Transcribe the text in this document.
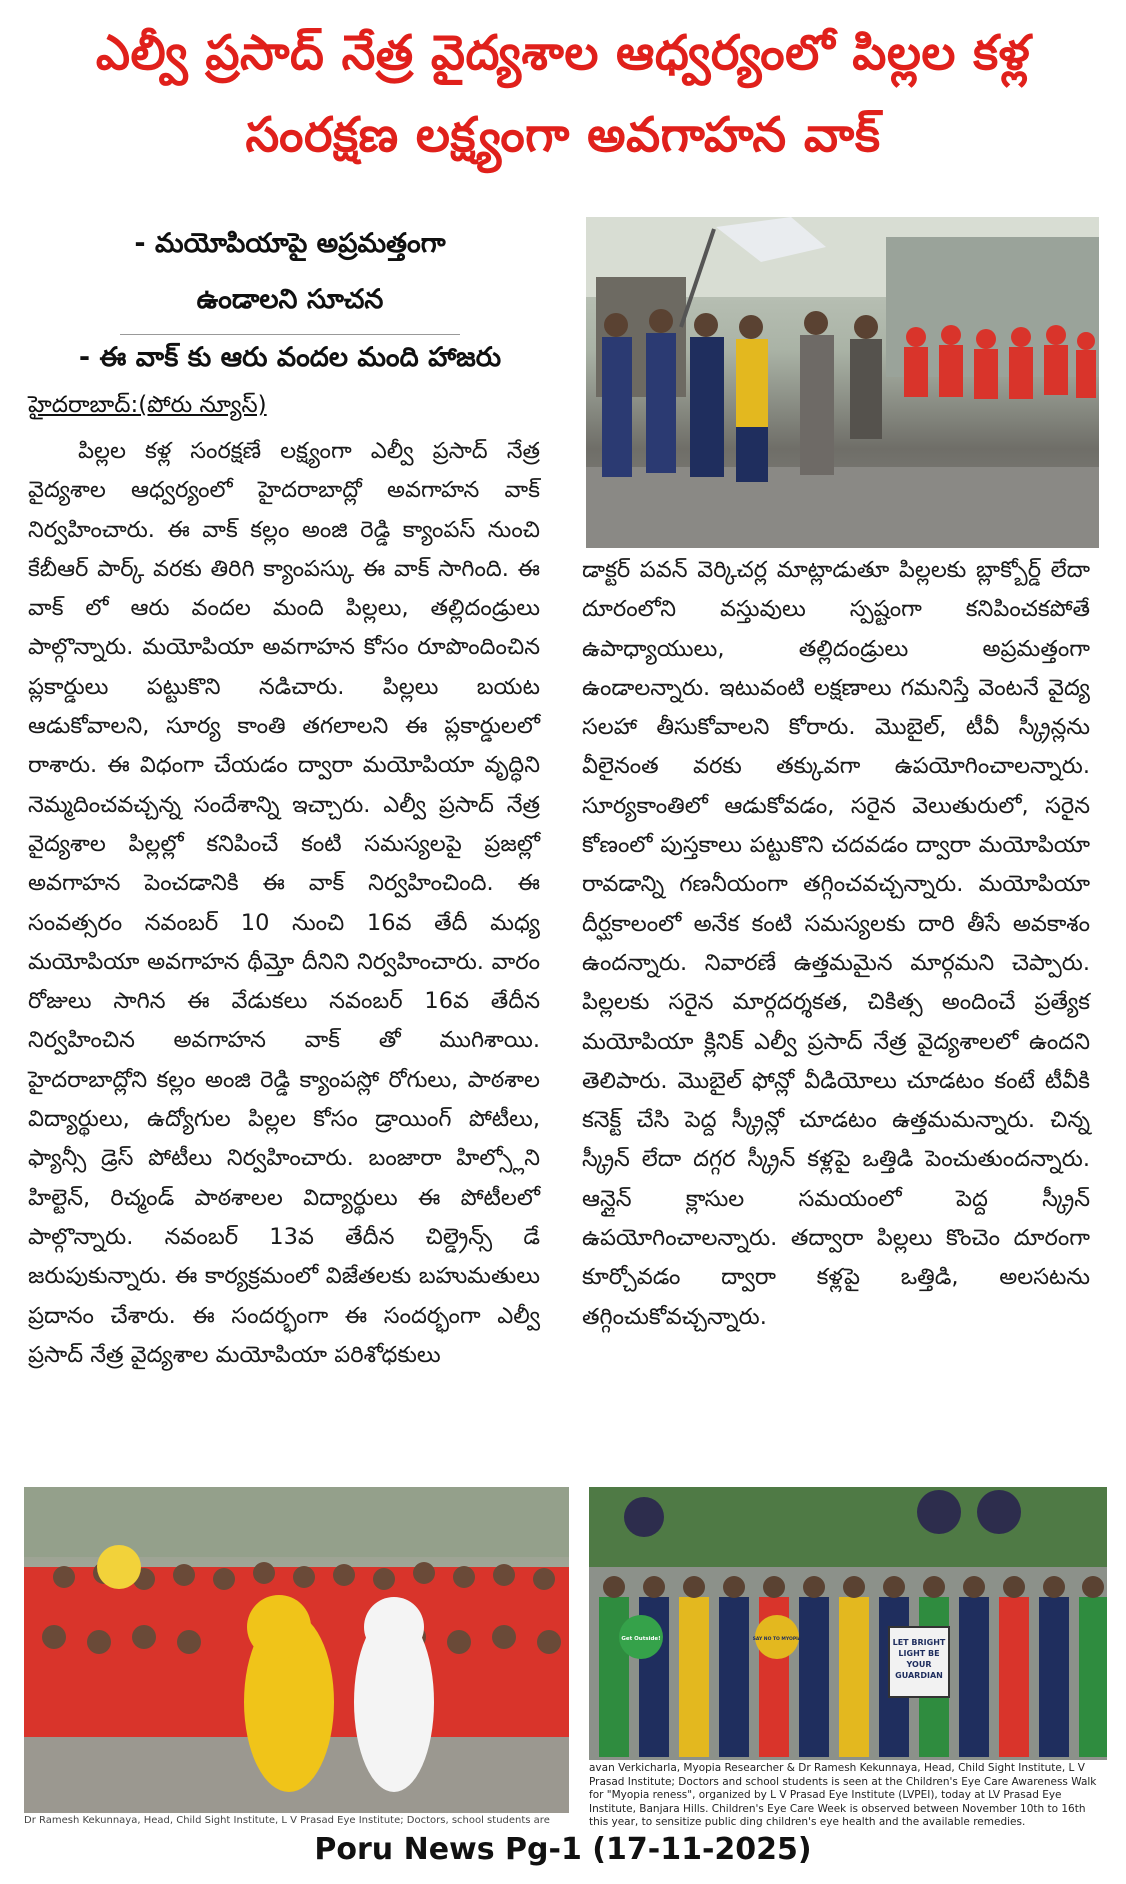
ఎల్వీ ప్రసాద్ నేత్ర వైద్యశాల ఆధ్వర్యంలో పిల్లల కళ్ల
సంరక్షణ లక్ష్యంగా అవగాహన వాక్
- మయోపియాపై అప్రమత్తంగా
ఉండాలని సూచన
- ఈ వాక్ కు ఆరు వందల మంది హాజరు
హైదరాబాద్:(పోరు న్యూస్)

పిల్లల కళ్ల సంరక్షణే లక్ష్యంగా ఎల్వీ ప్రసాద్ నేత్ర వైద్యశాల ఆధ్వర్యంలో హైదరాబాద్లో అవగాహన వాక్ నిర్వహించారు. ఈ వాక్ కల్లం అంజి రెడ్డి క్యాంపస్ నుంచి కేబీఆర్ పార్క్ వరకు తిరిగి క్యాంపస్కు ఈ వాక్ సాగింది. ఈ వాక్ లో ఆరు వందల మంది పిల్లలు, తల్లిదండ్రులు పాల్గొన్నారు. మయోపియా అవగాహన కోసం రూపొందించిన ప్లకార్డులు పట్టుకొని నడిచారు. పిల్లలు బయట ఆడుకోవాలని, సూర్య కాంతి తగలాలని ఈ ప్లకార్డులలో రాశారు. ఈ విధంగా చేయడం ద్వారా మయోపియా వృద్ధిని నెమ్మదించవచ్చన్న సందేశాన్ని ఇచ్చారు. ఎల్వీ ప్రసాద్ నేత్ర వైద్యశాల పిల్లల్లో కనిపించే కంటి సమస్యలపై ప్రజల్లో అవగాహన పెంచడానికి ఈ వాక్ నిర్వహించింది. ఈ సంవత్సరం నవంబర్ 10 నుంచి 16వ తేదీ మధ్య మయోపియా అవగాహన థీమ్తో దీనిని నిర్వహించారు. వారం రోజులు సాగిన ఈ వేడుకలు నవంబర్ 16వ తేదీన నిర్వహించిన అవగాహన వాక్ తో ముగిశాయి. హైదరాబాద్లోని కల్లం అంజి రెడ్డి క్యాంపస్లో రోగులు, పాఠశాల విద్యార్థులు, ఉద్యోగుల పిల్లల కోసం డ్రాయింగ్ పోటీలు, ఫ్యాన్సీ డ్రెస్ పోటీలు నిర్వహించారు. బంజారా హిల్స్లోని హిల్టెన్, రిచ్మండ్ పాఠశాలల విద్యార్థులు ఈ పోటీలలో పాల్గొన్నారు. నవంబర్ 13వ తేదీన చిల్డ్రెన్స్ డే జరుపుకున్నారు. ఈ కార్యక్రమంలో విజేతలకు బహుమతులు ప్రదానం చేశారు. ఈ సందర్భంగా ఈ సందర్భంగా ఎల్వీ ప్రసాద్ నేత్ర వైద్యశాల మయోపియా పరిశోధకులు

డాక్టర్ పవన్ వెర్కిచర్ల మాట్లాడుతూ పిల్లలకు బ్లాక్బోర్డ్ లేదా దూరంలోని వస్తువులు స్పష్టంగా కనిపించకపోతే ఉపాధ్యాయులు, తల్లిదండ్రులు అప్రమత్తంగా ఉండాలన్నారు. ఇటువంటి లక్షణాలు గమనిస్తే వెంటనే వైద్య సలహా తీసుకోవాలని కోరారు. మొబైల్, టీవీ స్క్రీన్లను వీలైనంత వరకు తక్కువగా ఉపయోగించాలన్నారు. సూర్యకాంతిలో ఆడుకోవడం, సరైన వెలుతురులో, సరైన కోణంలో పుస్తకాలు పట్టుకొని చదవడం ద్వారా మయోపియా రావడాన్ని గణనీయంగా తగ్గించవచ్చన్నారు. మయోపియా దీర్ఘకాలంలో అనేక కంటి సమస్యలకు దారి తీసే అవకాశం ఉందన్నారు. నివారణే ఉత్తమమైన మార్గమని చెప్పారు. పిల్లలకు సరైన మార్గదర్శకత, చికిత్స అందించే ప్రత్యేక మయోపియా క్లినిక్ ఎల్వీ ప్రసాద్ నేత్ర వైద్యశాలలో ఉందని తెలిపారు. మొబైల్ ఫోన్లో వీడియోలు చూడటం కంటే టీవీకి కనెక్ట్ చేసి పెద్ద స్క్రీన్లో చూడటం ఉత్తమమన్నారు. చిన్న స్క్రీన్ లేదా దగ్గర స్క్రీన్ కళ్లపై ఒత్తిడి పెంచుతుందన్నారు. ఆన్లైన్ క్లాసుల సమయంలో పెద్ద స్క్రీన్ ఉపయోగించాలన్నారు. తద్వారా పిల్లలు కొంచెం దూరంగా కూర్చోవడం ద్వారా కళ్లపై ఒత్తిడి, అలసటను తగ్గించుకోవచ్చన్నారు.

Get Outside!	SAY NO TO MYOPIA	LET BRIGHT LIGHT BE YOUR GUARDIAN

avan Verkicharla, Myopia Researcher & Dr Ramesh Kekunnaya, Head, Child Sight Institute, L V Prasad Institute; Doctors and school students is seen at the Children's Eye Care Awareness Walk for "Myopia reness", organized by L V Prasad Eye Institute (LVPEI), today at LV Prasad Eye Institute, Banjara Hills. Children's Eye Care Week is observed between November 10th to 16th this year, to sensitize public ding children's eye health and the available remedies.

Dr Ramesh Kekunnaya, Head, Child Sight Institute, L V Prasad Eye Institute; Doctors, school students are
Poru News Pg-1 (17-11-2025)
